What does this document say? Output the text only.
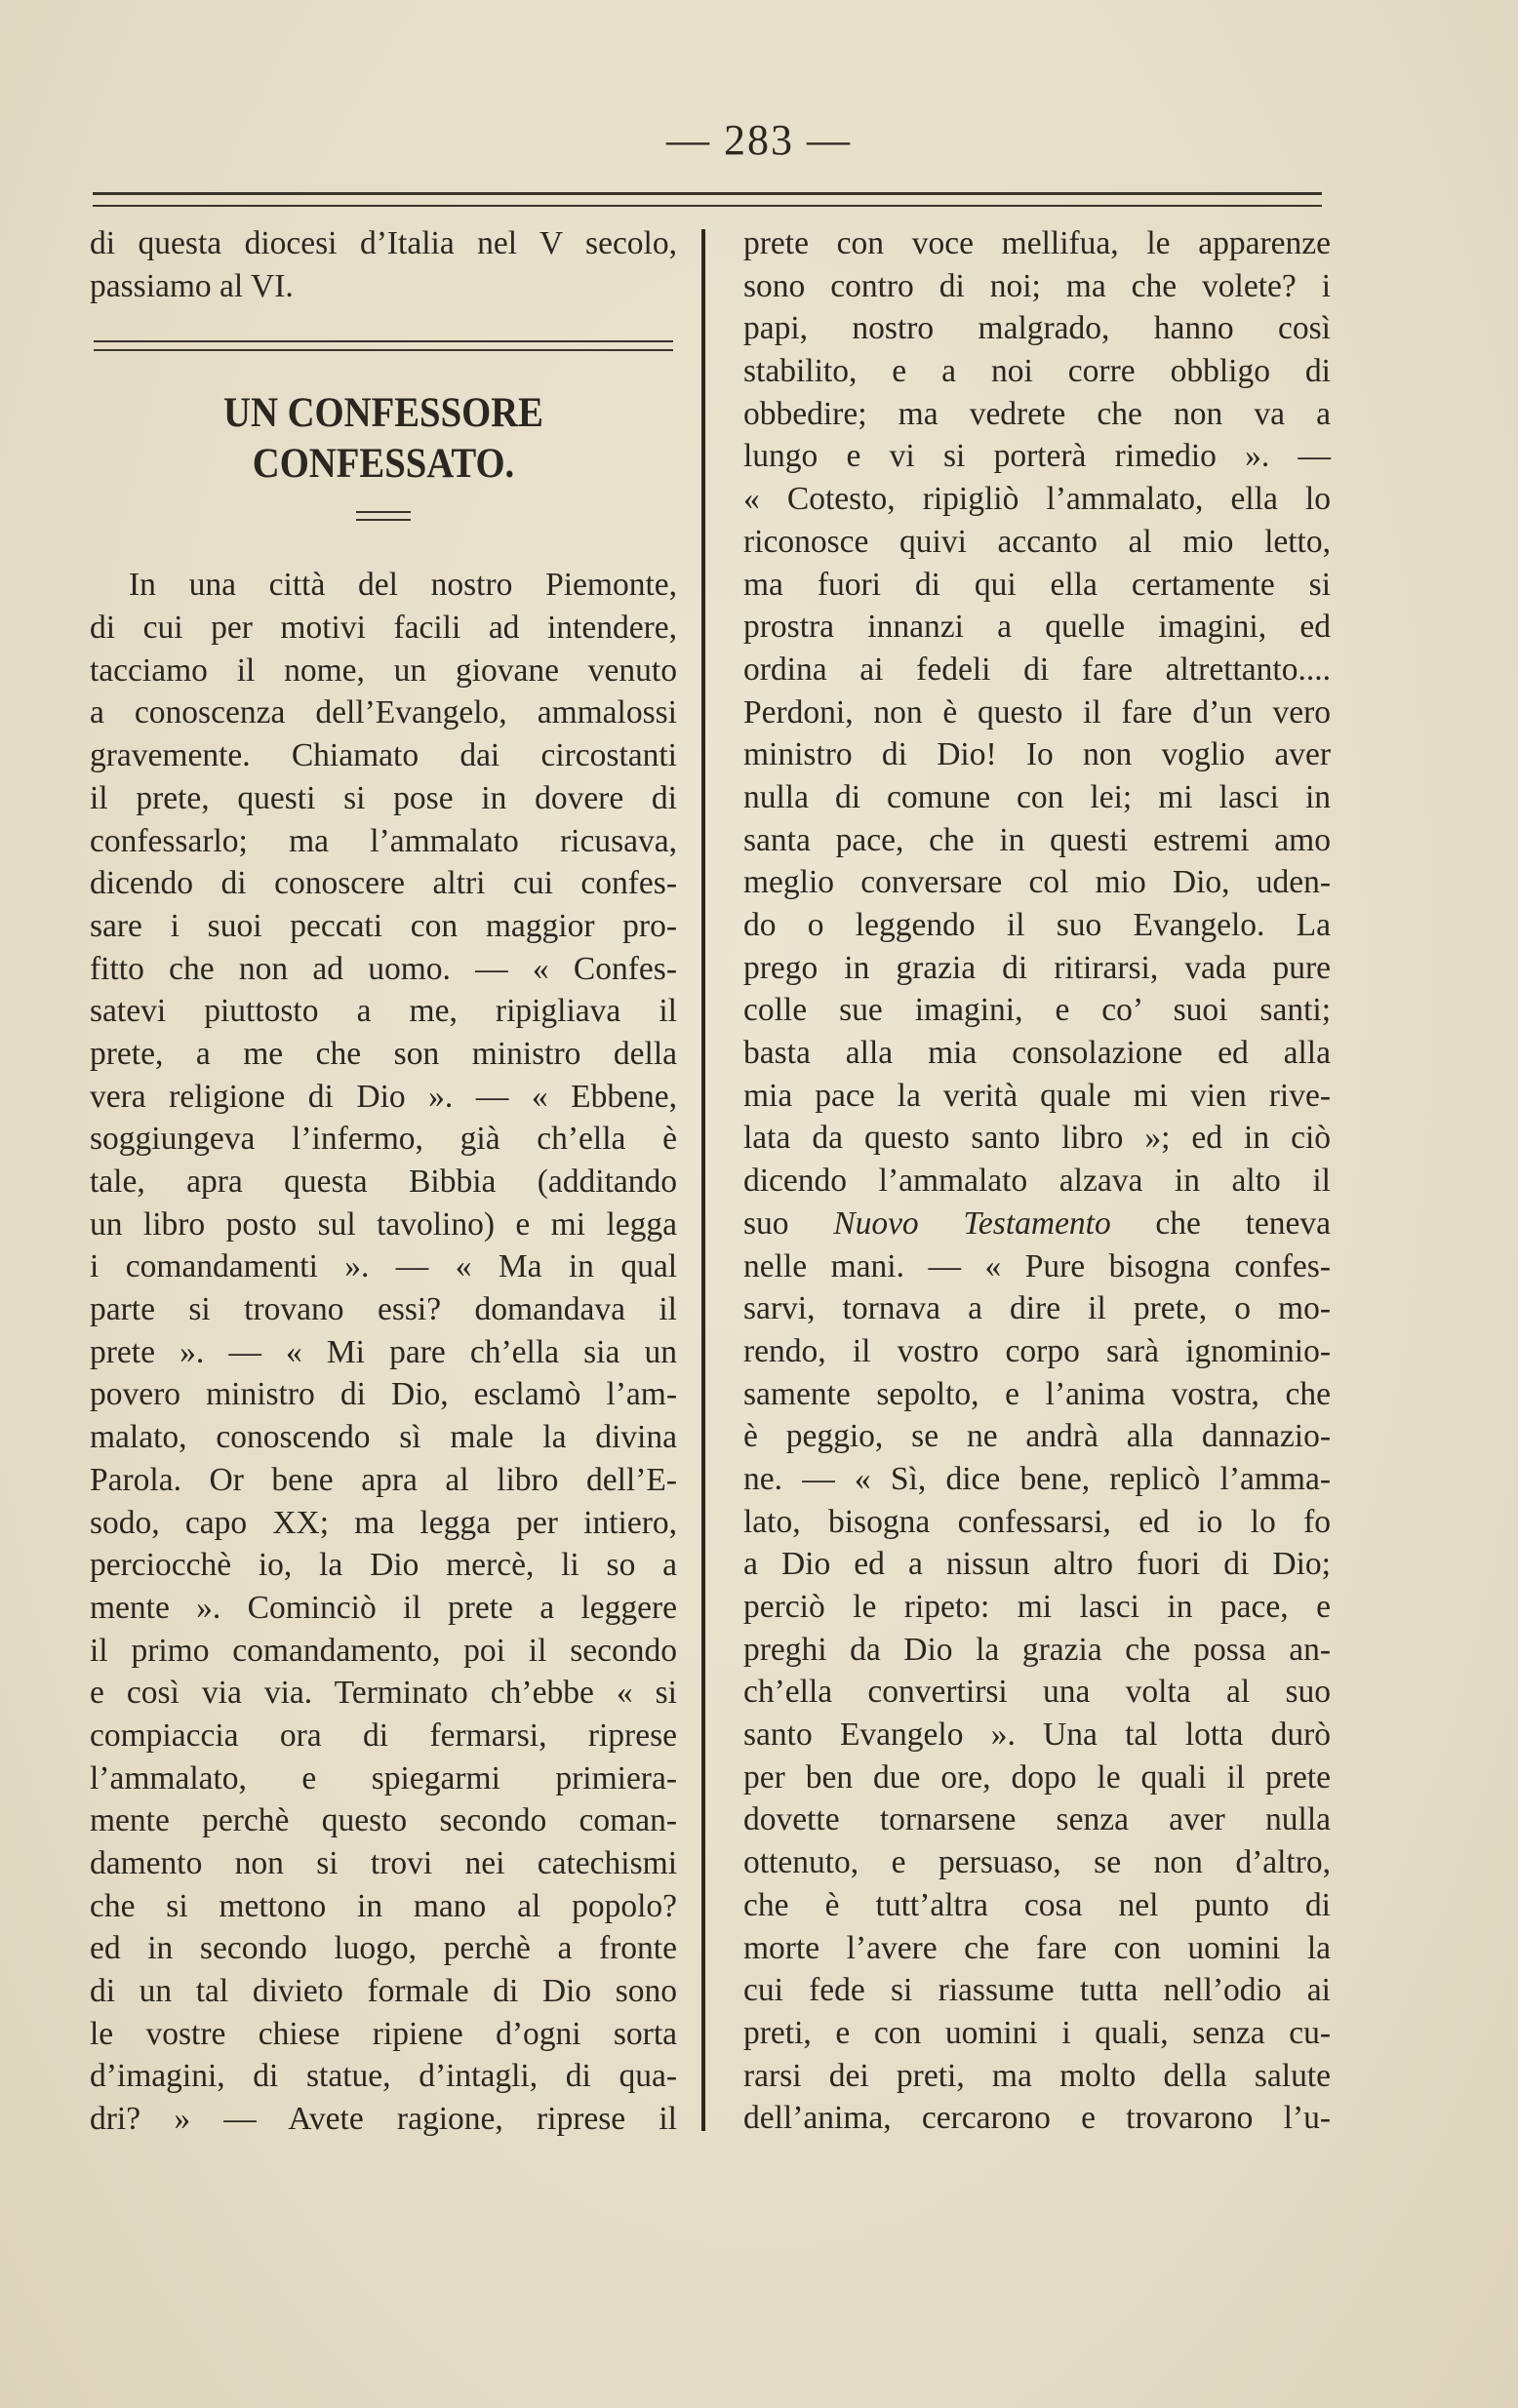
— 283 —
di questa diocesi d’Italia nel V secolo,
passiamo al VI.
UN CONFESSORE CONFESSATO.
In una città del nostro Piemonte,
di cui per motivi facili ad intendere,
tacciamo il nome, un giovane venuto
a conoscenza dell’Evangelo, ammalossi
gravemente. Chiamato dai circostanti
il prete, questi si pose in dovere di
confessarlo; ma l’ammalato ricusava,
dicendo di conoscere altri cui confes-
sare i suoi peccati con maggior pro-
fitto che non ad uomo. — « Confes-
satevi piuttosto a me, ripigliava il
prete, a me che son ministro della
vera religione di Dio ». — « Ebbene,
soggiungeva l’infermo, già ch’ella è
tale, apra questa Bibbia (additando
un libro posto sul tavolino) e mi legga
i comandamenti ». — « Ma in qual
parte si trovano essi? domandava il
prete ». — « Mi pare ch’ella sia un
povero ministro di Dio, esclamò l’am-
malato, conoscendo sì male la divina
Parola. Or bene apra al libro dell’E-
sodo, capo XX; ma legga per intiero,
perciocchè io, la Dio mercè, li so a
mente ». Cominciò il prete a leggere
il primo comandamento, poi il secondo
e così via via. Terminato ch’ebbe « si
compiaccia ora di fermarsi, riprese
l’ammalato, e spiegarmi primiera-
mente perchè questo secondo coman-
damento non si trovi nei catechismi
che si mettono in mano al popolo?
ed in secondo luogo, perchè a fronte
di un tal divieto formale di Dio sono
le vostre chiese ripiene d’ogni sorta
d’imagini, di statue, d’intagli, di qua-
dri? » — Avete ragione, riprese il
prete con voce mellifua, le apparenze
sono contro di noi; ma che volete? i
papi, nostro malgrado, hanno così
stabilito, e a noi corre obbligo di
obbedire; ma vedrete che non va a
lungo e vi si porterà rimedio ». —
« Cotesto, ripigliò l’ammalato, ella lo
riconosce quivi accanto al mio letto,
ma fuori di qui ella certamente si
prostra innanzi a quelle imagini, ed
ordina ai fedeli di fare altrettanto....
Perdoni, non è questo il fare d’un vero
ministro di Dio! Io non voglio aver
nulla di comune con lei; mi lasci in
santa pace, che in questi estremi amo
meglio conversare col mio Dio, uden-
do o leggendo il suo Evangelo. La
prego in grazia di ritirarsi, vada pure
colle sue imagini, e co’ suoi santi;
basta alla mia consolazione ed alla
mia pace la verità quale mi vien rive-
lata da questo santo libro »; ed in ciò
dicendo l’ammalato alzava in alto il
suo Nuovo Testamento che teneva
nelle mani. — « Pure bisogna confes-
sarvi, tornava a dire il prete, o mo-
rendo, il vostro corpo sarà ignominio-
samente sepolto, e l’anima vostra, che
è peggio, se ne andrà alla dannazio-
ne. — « Sì, dice bene, replicò l’amma-
lato, bisogna confessarsi, ed io lo fo
a Dio ed a nissun altro fuori di Dio;
perciò le ripeto: mi lasci in pace, e
preghi da Dio la grazia che possa an-
ch’ella convertirsi una volta al suo
santo Evangelo ». Una tal lotta durò
per ben due ore, dopo le quali il prete
dovette tornarsene senza aver nulla
ottenuto, e persuaso, se non d’altro,
che è tutt’altra cosa nel punto di
morte l’avere che fare con uomini la
cui fede si riassume tutta nell’odio ai
preti, e con uomini i quali, senza cu-
rarsi dei preti, ma molto della salute
dell’anima, cercarono e trovarono l’u-
